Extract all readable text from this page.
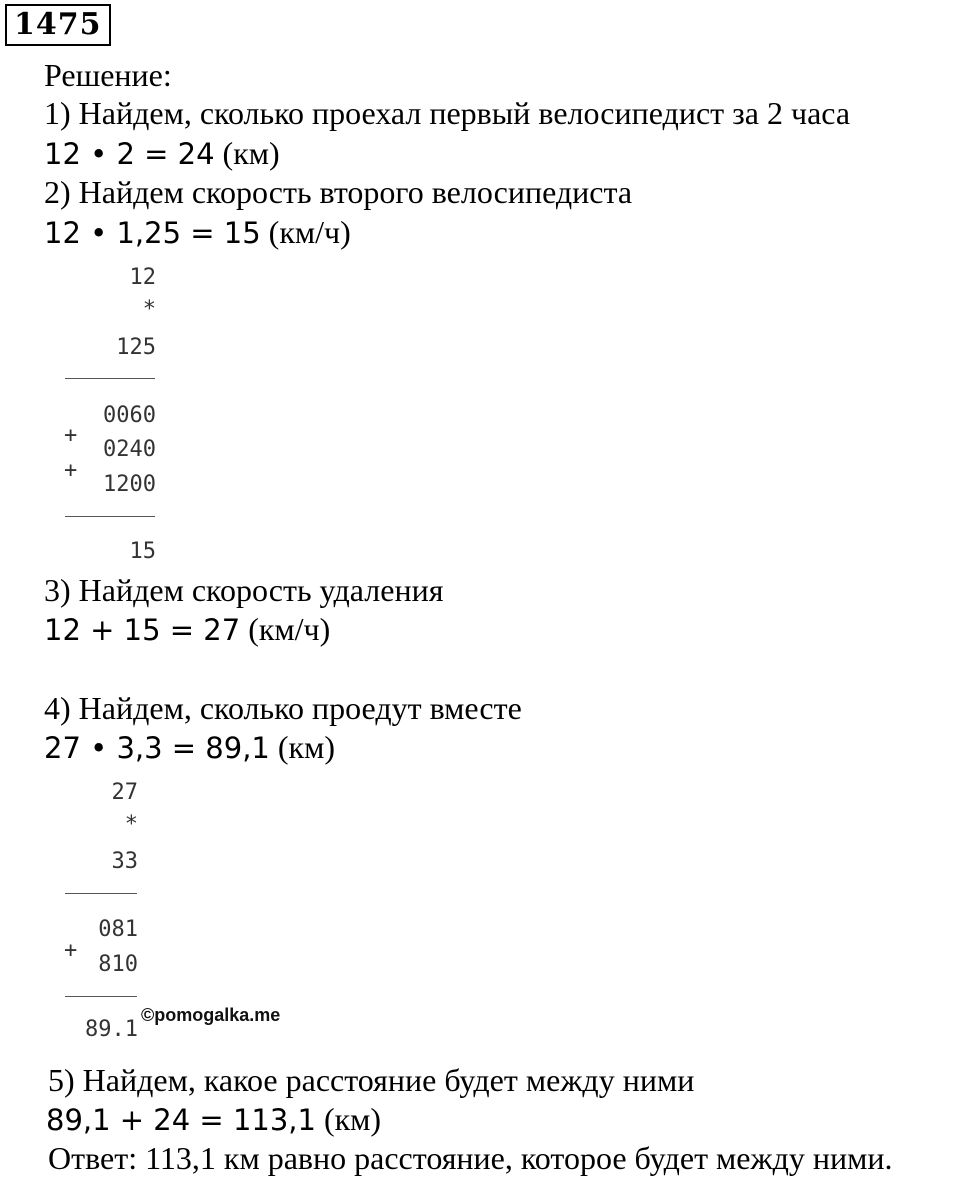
1475
Решение:
1) Найдем, сколько проехал первый велосипедист за 2 часа
12 • 2 = 24 (км)
2) Найдем скорость второго велосипедиста
12 • 1,25 = 15 (км/ч)
12
*
125
0060
+
0240
+
1200
15
3) Найдем скорость удаления
12 + 15 = 27 (км/ч)
4) Найдем, сколько проедут вместе
27 • 3,3 = 89,1 (км)
27
*
33
081
+
810
89.1
©pomogalka.me
5) Найдем, какое расстояние будет между ними
89,1 + 24 = 113,1 (км)
Ответ: 113,1 км равно расстояние, которое будет между ними.
